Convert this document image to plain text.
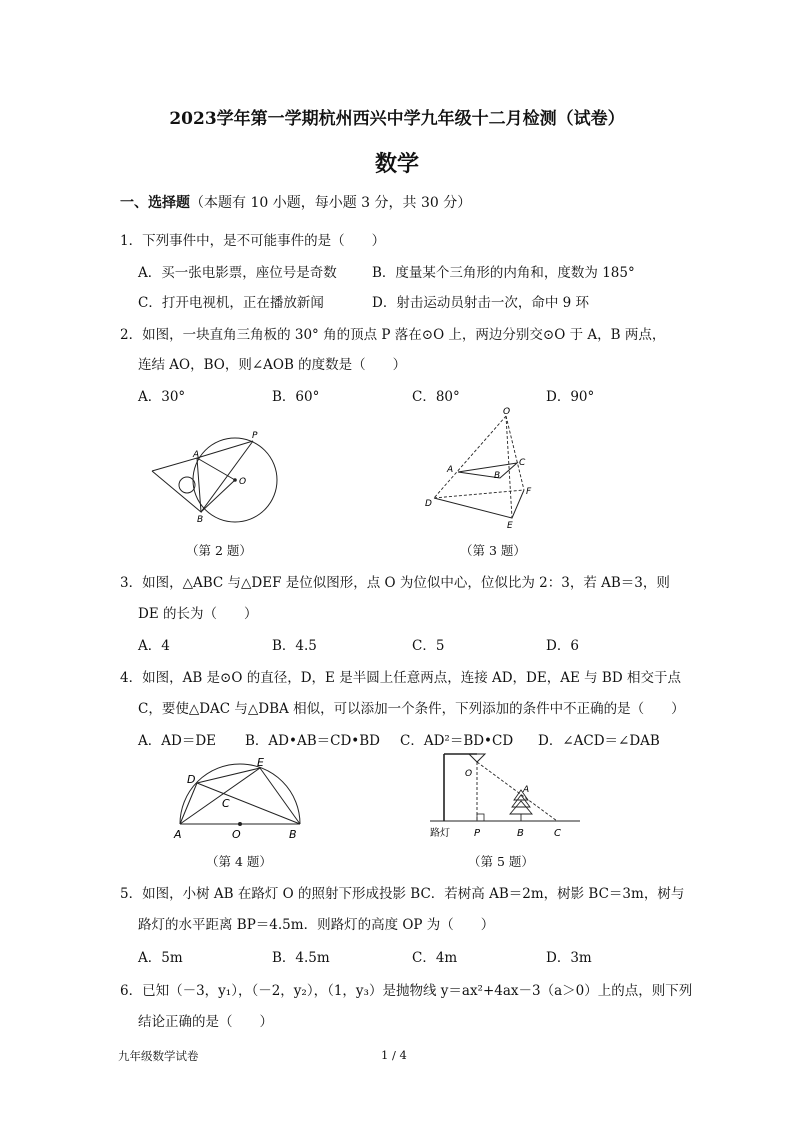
2023学年第一学期杭州西兴中学九年级十二月检测（试卷）
数学
一、选择题（本题有 10 小题，每小题 3 分，共 30 分）
1．下列事件中，是不可能事件的是（　　）
A．买一张电影票，座位号是奇数	B．度量某个三角形的内角和，度数为 185°
C．打开电视机，正在播放新闻	D．射击运动员射击一次，命中 9 环
2．如图，一块直角三角板的 30° 角的顶点 P 落在⊙O 上，两边分别交⊙O 于 A，B 两点，
连结 AO，BO，则∠AOB 的度数是（　　）
A．30°	B．60°	C．80°	D．90°
P
A
O
B
（第 2 题）
O
A
C
B
F
D
E
（第 3 题）
3．如图，△ABC 与△DEF 是位似图形，点 O 为位似中心，位似比为 2：3，若 AB＝3，则
DE 的长为（　　）
A．4	B．4.5	C．5	D．6
4．如图，AB 是⊙O 的直径，D，E 是半圆上任意两点，连接 AD，DE，AE 与 BD 相交于点
C，要使△DAC 与△DBA 相似，可以添加一个条件，下列添加的条件中不正确的是（　　）
A．AD＝DE B．AD•AB＝CD•BD C．AD²＝BD•CD D．∠ACD＝∠DAB
D
E
C
A	O	B
（第 4 题）
O
A
路灯 P	B	C
（第 5 题）
5．如图，小树 AB 在路灯 O 的照射下形成投影 BC．若树高 AB＝2m，树影 BC＝3m，树与
路灯的水平距离 BP＝4.5m．则路灯的高度 OP 为（　　）
A．5m	B．4.5m	C．4m	D．3m
6．已知（－3，y₁），（－2，y₂），（1，y₃）是抛物线 y＝ax²+4ax－3（a＞0）上的点，则下列
结论正确的是（　　）
九年级数学试卷	1 / 4
